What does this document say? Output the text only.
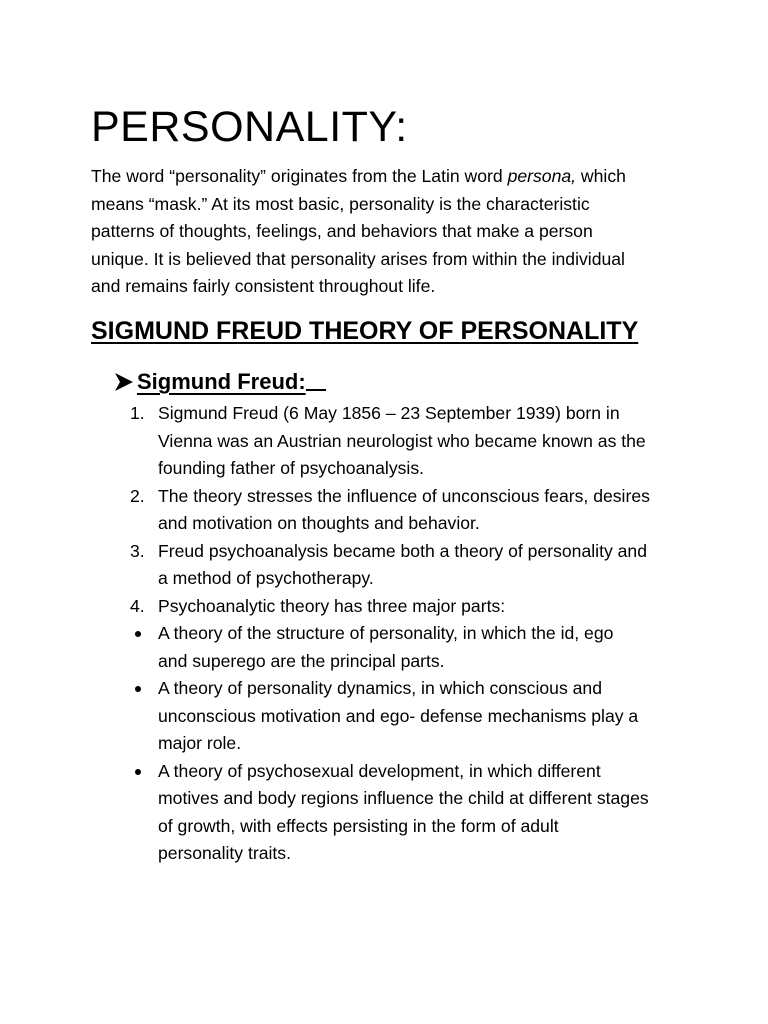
PERSONALITY:

The word “personality” originates from the Latin word persona, which
means “mask.” At its most basic, personality is the characteristic
patterns of thoughts, feelings, and behaviors that make a person
unique. It is believed that personality arises from within the individual
and remains fairly consistent throughout life.

SIGMUND FREUD THEORY OF PERSONALITY
Sigmund Freud:
1. Sigmund Freud (6 May 1856 – 23 September 1939) born in
Vienna was an Austrian neurologist who became known as the
founding father of psychoanalysis.
2. The theory stresses the influence of unconscious fears, desires
and motivation on thoughts and behavior.
3. Freud psychoanalysis became both a theory of personality and
a method of psychotherapy.
4. Psychoanalytic theory has three major parts:
A theory of the structure of personality, in which the id, ego
and superego are the principal parts.
A theory of personality dynamics, in which conscious and
unconscious motivation and ego- defense mechanisms play a
major role.
A theory of psychosexual development, in which different
motives and body regions influence the child at different stages
of growth, with effects persisting in the form of adult
personality traits.
